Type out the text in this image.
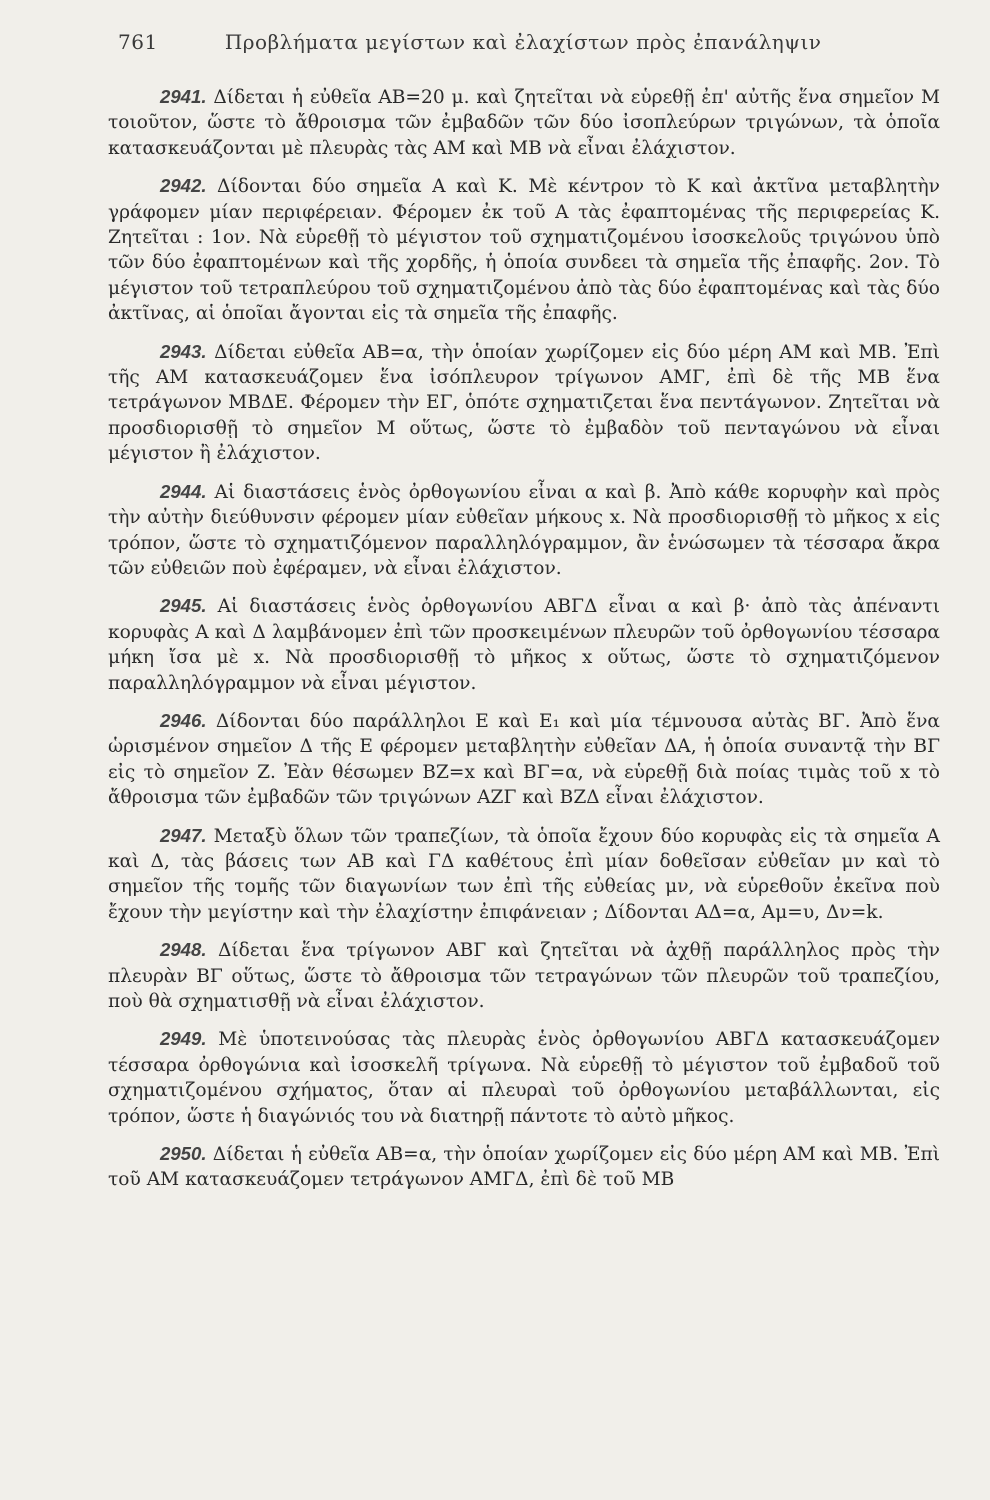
761	Προβλήματα μεγίστων καὶ ἐλαχίστων πρὸς ἐπανάληψιν

2941. Δίδεται ἡ εὐθεῖα ΑΒ=20 μ. καὶ ζητεῖται νὰ εὑρεθῇ ἐπ' αὐτῆς ἕνα σημεῖον Μ τοιοῦτον, ὥστε τὸ ἄθροισμα τῶν ἐμβαδῶν τῶν δύο ἰσοπλεύρων τριγώνων, τὰ ὁποῖα κατασκευάζονται μὲ πλευρὰς τὰς ΑΜ καὶ ΜΒ νὰ εἶναι ἐλάχιστον.

2942. Δίδονται δύο σημεῖα Α καὶ Κ. Μὲ κέντρον τὸ Κ καὶ ἀκτῖνα μεταβλητὴν γράφομεν μίαν περιφέρειαν. Φέρομεν ἐκ τοῦ Α τὰς ἐφαπτομένας τῆς περιφερείας Κ. Ζητεῖται : 1ον. Νὰ εὑρεθῇ τὸ μέγιστον τοῦ σχηματιζομένου ἰσοσκελοῦς τριγώνου ὑπὸ τῶν δύο ἐφαπτομένων καὶ τῆς χορδῆς, ἡ ὁποία συνδεει τὰ σημεῖα τῆς ἐπαφῆς. 2ον. Τὸ μέγιστον τοῦ τετραπλεύρου τοῦ σχηματιζομένου ἀπὸ τὰς δύο ἐφαπτομένας καὶ τὰς δύο ἀκτῖνας, αἱ ὁποῖαι ἄγονται εἰς τὰ σημεῖα τῆς ἐπαφῆς.

2943. Δίδεται εὐθεῖα ΑΒ=α, τὴν ὁποίαν χωρίζομεν εἰς δύο μέρη ΑΜ καὶ ΜΒ. Ἐπὶ τῆς ΑΜ κατασκευάζομεν ἕνα ἰσόπλευρον τρίγωνον ΑΜΓ, ἐπὶ δὲ τῆς ΜΒ ἕνα τετράγωνον ΜΒΔΕ. Φέρομεν τὴν ΕΓ, ὁπότε σχηματιζεται ἕνα πεντάγωνον. Ζητεῖται νὰ προσδιορισθῇ τὸ σημεῖον Μ οὕτως, ὥστε τὸ ἐμβαδὸν τοῦ πενταγώνου νὰ εἶναι μέγιστον ἢ ἐλάχιστον.

2944. Αἱ διαστάσεις ἑνὸς ὀρθογωνίου εἶναι α καὶ β. Ἀπὸ κάθε κορυφὴν καὶ πρὸς τὴν αὐτὴν διεύθυνσιν φέρομεν μίαν εὐθεῖαν μήκους x. Νὰ προσδιορισθῇ τὸ μῆκος x εἰς τρόπον, ὥστε τὸ σχηματιζόμενον παραλληλόγραμμον, ἂν ἑνώσωμεν τὰ τέσσαρα ἄκρα τῶν εὐθειῶν ποὺ ἐφέραμεν, νὰ εἶναι ἐλάχιστον.

2945. Αἱ διαστάσεις ἑνὸς ὀρθογωνίου ΑΒΓΔ εἶναι α καὶ β· ἀπὸ τὰς ἀπέναντι κορυφὰς Α καὶ Δ λαμβάνομεν ἐπὶ τῶν προσκειμένων πλευρῶν τοῦ ὀρθογωνίου τέσσαρα μήκη ἴσα μὲ x. Νὰ προσδιορισθῇ τὸ μῆκος x οὕτως, ὥστε τὸ σχηματιζόμενον παραλληλόγραμμον νὰ εἶναι μέγιστον.

2946. Δίδονται δύο παράλληλοι Ε καὶ Ε₁ καὶ μία τέμνουσα αὐτὰς ΒΓ. Ἀπὸ ἕνα ὡρισμένον σημεῖον Δ τῆς Ε φέρομεν μεταβλητὴν εὐθεῖαν ΔΑ, ἡ ὁποία συναντᾷ τὴν ΒΓ εἰς τὸ σημεῖον Ζ. Ἐὰν θέσωμεν ΒΖ=x καὶ ΒΓ=α, νὰ εὑρεθῇ διὰ ποίας τιμὰς τοῦ x τὸ ἄθροισμα τῶν ἐμβαδῶν τῶν τριγώνων ΑΖΓ καὶ ΒΖΔ εἶναι ἐλάχιστον.

2947. Μεταξὺ ὅλων τῶν τραπεζίων, τὰ ὁποῖα ἔχουν δύο κορυφὰς εἰς τὰ σημεῖα Α καὶ Δ, τὰς βάσεις των ΑΒ καὶ ΓΔ καθέτους ἐπὶ μίαν δοθεῖσαν εὐθεῖαν μν καὶ τὸ σημεῖον τῆς τομῆς τῶν διαγωνίων των ἐπὶ τῆς εὐθείας μν, νὰ εὑρεθοῦν ἐκεῖνα ποὺ ἔχουν τὴν μεγίστην καὶ τὴν ἐλαχίστην ἐπιφάνειαν ; Δίδονται ΑΔ=α, Αμ=υ, Δν=k.

2948. Δίδεται ἕνα τρίγωνον ΑΒΓ καὶ ζητεῖται νὰ ἀχθῇ παράλληλος πρὸς τὴν πλευρὰν ΒΓ οὕτως, ὥστε τὸ ἄθροισμα τῶν τετραγώνων τῶν πλευρῶν τοῦ τραπεζίου, ποὺ θὰ σχηματισθῇ νὰ εἶναι ἐλάχιστον.

2949. Μὲ ὑποτεινούσας τὰς πλευρὰς ἑνὸς ὀρθογωνίου ΑΒΓΔ κατασκευάζομεν τέσσαρα ὀρθογώνια καὶ ἰσοσκελῆ τρίγωνα. Νὰ εὑρεθῇ τὸ μέγιστον τοῦ ἐμβαδοῦ τοῦ σχηματιζομένου σχήματος, ὅταν αἱ πλευραὶ τοῦ ὀρθογωνίου μεταβάλλωνται, εἰς τρόπον, ὥστε ἡ διαγώνιός του νὰ διατηρῇ πάντοτε τὸ αὐτὸ μῆκος.

2950. Δίδεται ἡ εὐθεῖα ΑΒ=α, τὴν ὁποίαν χωρίζομεν εἰς δύο μέρη ΑΜ καὶ ΜΒ. Ἐπὶ τοῦ ΑΜ κατασκευάζομεν τετράγωνον ΑΜΓΔ, ἐπὶ δὲ τοῦ ΜΒ
